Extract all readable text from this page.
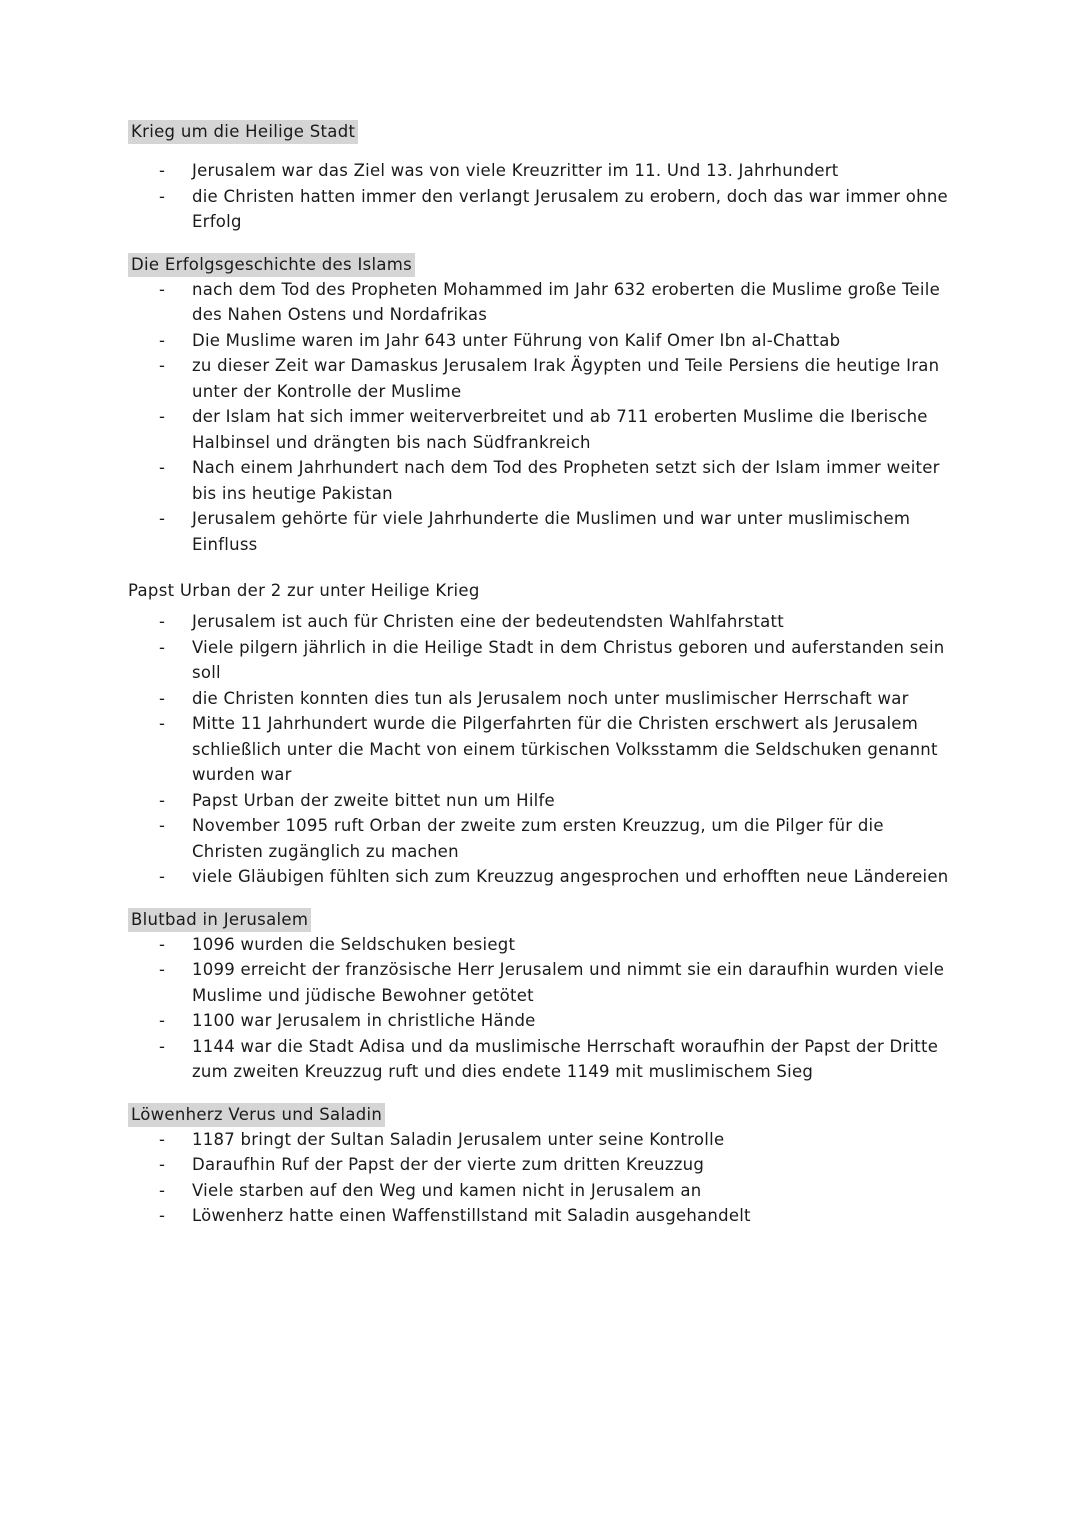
Krieg um die Heilige Stadt
- Jerusalem war das Ziel was von viele Kreuzritter im 11. Und 13. Jahrhundert
- die Christen hatten immer den verlangt Jerusalem zu erobern, doch das war immer ohne Erfolg
Die Erfolgsgeschichte des Islams
- nach dem Tod des Propheten Mohammed im Jahr 632 eroberten die Muslime große Teile des Nahen Ostens und Nordafrikas
- Die Muslime waren im Jahr 643 unter Führung von Kalif Omer Ibn al-Chattab
- zu dieser Zeit war Damaskus Jerusalem Irak Ägypten und Teile Persiens die heutige Iran unter der Kontrolle der Muslime
- der Islam hat sich immer weiterverbreitet und ab 711 eroberten Muslime die Iberische Halbinsel und drängten bis nach Südfrankreich
- Nach einem Jahrhundert nach dem Tod des Propheten setzt sich der Islam immer weiter bis ins heutige Pakistan
- Jerusalem gehörte für viele Jahrhunderte die Muslimen und war unter muslimischem Einfluss
Papst Urban der 2 zur unter Heilige Krieg
- Jerusalem ist auch für Christen eine der bedeutendsten Wahlfahrstatt
- Viele pilgern jährlich in die Heilige Stadt in dem Christus geboren und auferstanden sein soll
- die Christen konnten dies tun als Jerusalem noch unter muslimischer Herrschaft war
- Mitte 11 Jahrhundert wurde die Pilgerfahrten für die Christen erschwert als Jerusalem schließlich unter die Macht von einem türkischen Volksstamm die Seldschuken genannt wurden war
- Papst Urban der zweite bittet nun um Hilfe
- November 1095 ruft Orban der zweite zum ersten Kreuzzug, um die Pilger für die Christen zugänglich zu machen
- viele Gläubigen fühlten sich zum Kreuzzug angesprochen und erhofften neue Ländereien
Blutbad in Jerusalem
- 1096 wurden die Seldschuken besiegt
- 1099 erreicht der französische Herr Jerusalem und nimmt sie ein daraufhin wurden viele Muslime und jüdische Bewohner getötet
- 1100 war Jerusalem in christliche Hände
- 1144 war die Stadt Adisa und da muslimische Herrschaft woraufhin der Papst der Dritte zum zweiten Kreuzzug ruft und dies endete 1149 mit muslimischem Sieg
Löwenherz Verus und Saladin
- 1187 bringt der Sultan Saladin Jerusalem unter seine Kontrolle
- Daraufhin Ruf der Papst der der vierte zum dritten Kreuzzug
- Viele starben auf den Weg und kamen nicht in Jerusalem an
- Löwenherz hatte einen Waffenstillstand mit Saladin ausgehandelt
